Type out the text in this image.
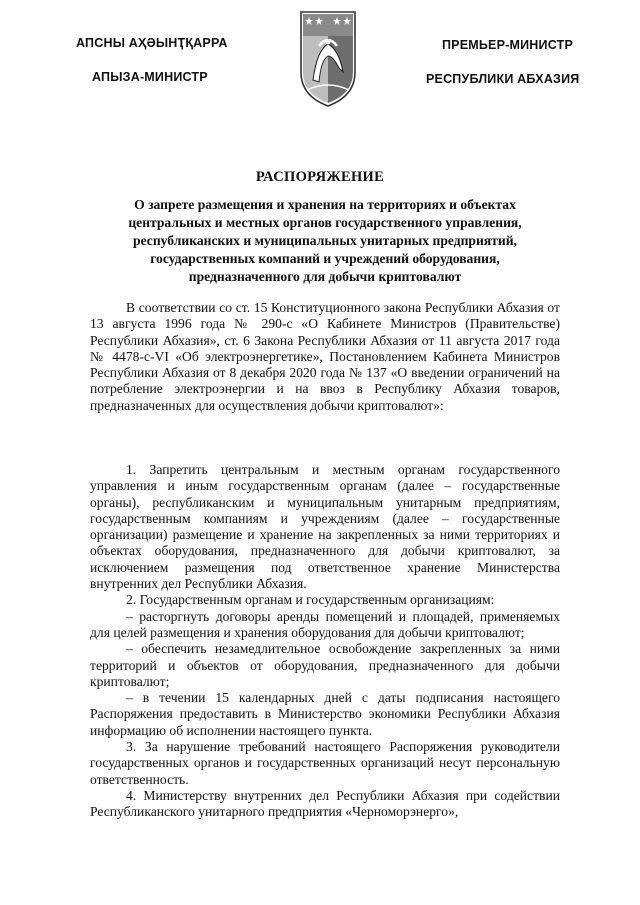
АПСНЫ АҲӘЫНҬҚАРРА
АПЫЗА-МИНИСТР
ПРЕМЬЕР-МИНИСТР
РЕСПУБЛИКИ АБХАЗИЯ
РАСПОРЯЖЕНИЕ
О запрете размещения и хранения на территориях и объектах
центральных и местных органов государственного управления,
республиканских и муниципальных унитарных предприятий,
государственных компаний и учреждений оборудования,
предназначенного для добычи криптовалют

В соответствии со ст. 15 Конституционного закона Республики Абхазия от 13 августа 1996 года № 290-с «О Кабинете Министров (Правительстве) Республики Абхазия», ст. 6 Закона Республики Абхазия от 11 августа 2017 года № 4478-с-VI «Об электроэнергетике», Постановлением Кабинета Министров Республики Абхазия от 8 декабря 2020 года № 137 «О введении ограничений на потребление электроэнергии и на ввоз в Республику Абхазия товаров, предназначенных для осуществления добычи криптовалют»:

1. Запретить центральным и местным органам государственного управления и иным государственным органам (далее – государственные органы), республиканским и муниципальным унитарным предприятиям, государственным компаниям и учреждениям (далее – государственные организации) размещение и хранение на закрепленных за ними территориях и объектах оборудования, предназначенного для добычи криптовалют, за исключением размещения под ответственное хранение Министерства внутренних дел Республики Абхазия.

2. Государственным органам и государственным организациям:

– расторгнуть договоры аренды помещений и площадей, применяемых для целей размещения и хранения оборудования для добычи криптовалют;

– обеспечить незамедлительное освобождение закрепленных за ними территорий и объектов от оборудования, предназначенного для добычи криптовалют;

– в течении 15 календарных дней с даты подписания настоящего Распоряжения предоставить в Министерство экономики Республики Абхазия информацию об исполнении настоящего пункта.

3. За нарушение требований настоящего Распоряжения руководители государственных органов и государственных организаций несут персональную ответственность.

4. Министерству внутренних дел Республики Абхазия при содействии Республиканского унитарного предприятия «Черноморэнерго»,
